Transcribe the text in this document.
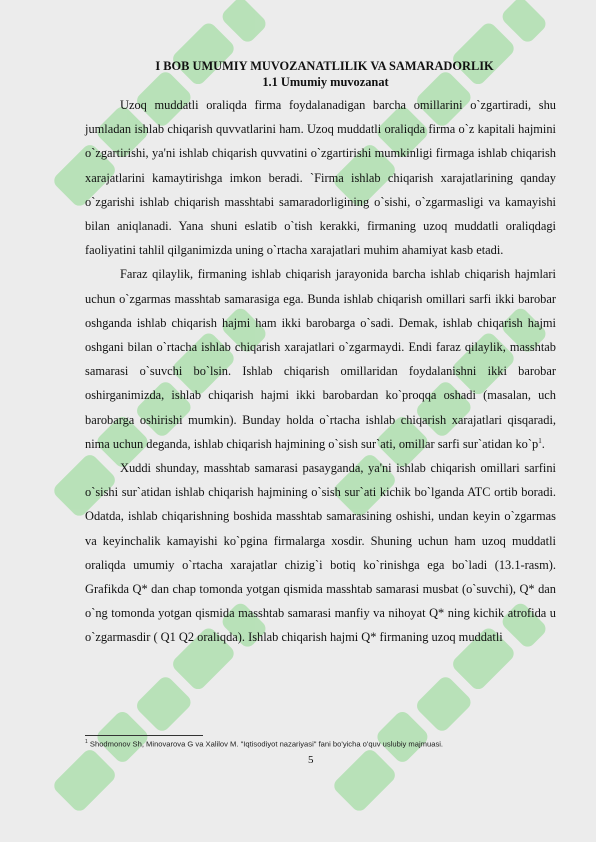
I BOB UMUMIY MUVOZANATLILIK VA SAMARADORLIK

1.1 Umumiy muvozanat

Uzoq muddatli oraliqda firma foydalanadigan barcha omillarini o`zgartiradi, shu jumladan ishlab chiqarish quvvatlarini ham. Uzoq muddatli oraliqda firma o`z kapitali hajmini o`zgartirishi, ya'ni ishlab chiqarish quvvatini o`zgartirishi mumkinligi firmaga ishlab chiqarish xarajatlarini kamaytirishga imkon beradi. `Firma ishlab chiqarish xarajatlarining qanday o`zgarishi ishlab chiqarish masshtabi samaradorligining o`sishi, o`zgarmasligi va kamayishi bilan aniqlanadi. Yana shuni eslatib o`tish kerakki, firmaning uzoq muddatli oraliqdagi faoliyatini tahlil qilganimizda uning o`rtacha xarajatlari muhim ahamiyat kasb etadi.

Faraz qilaylik, firmaning ishlab chiqarish jarayonida barcha ishlab chiqarish hajmlari uchun o`zgarmas masshtab samarasiga ega. Bunda ishlab chiqarish omillari sarfi ikki barobar oshganda ishlab chiqarish hajmi ham ikki barobarga o`sadi. Demak, ishlab chiqarish hajmi oshgani bilan o`rtacha ishlab chiqarish xarajatlari o`zgarmaydi. Endi faraz qilaylik, masshtab samarasi o`suvchi bo`lsin. Ishlab chiqarish omillaridan foydalanishni ikki barobar oshirganimizda, ishlab chiqarish hajmi ikki barobardan ko`proqqa oshadi (masalan, uch barobarga oshirishi mumkin). Bunday holda o`rtacha ishlab chiqarish xarajatlari qisqaradi, nima uchun deganda, ishlab chiqarish hajmining o`sish sur`ati, omillar sarfi sur`atidan $ko`p^1$.

Xuddi shunday, masshtab samarasi pasayganda, ya'ni ishlab chiqarish omillari sarfini o`sishi sur`atidan ishlab chiqarish hajmining o`sish sur`ati kichik bo`lganda ATC ortib boradi. Odatda, ishlab chiqarishning boshida masshtab samarasining oshishi, undan keyin o`zgarmas va keyinchalik kamayishi ko`pgina firmalarga xosdir. Shuning uchun ham uzoq muddatli oraliqda umumiy o`rtacha xarajatlar chizig`i botiq ko`rinishga ega bo`ladi (13.1-rasm). Grafikda Q* dan chap tomonda yotgan qismida masshtab samarasi musbat (o`suvchi), Q* dan o`ng tomonda yotgan qismida masshtab samarasi manfiy va nihoyat Q* ning kichik atrofida u o`zgarmasdir ( Q1 Q2 oraliqda). Ishlab chiqarish hajmi Q* firmaning uzoq muddatli

$^1$ Shodmonov Sh, Minovarova G va Xalilov M. "Iqtisodiyot nazariyasi" fani bo'yicha o'quv uslubiy majmuasi.
5
